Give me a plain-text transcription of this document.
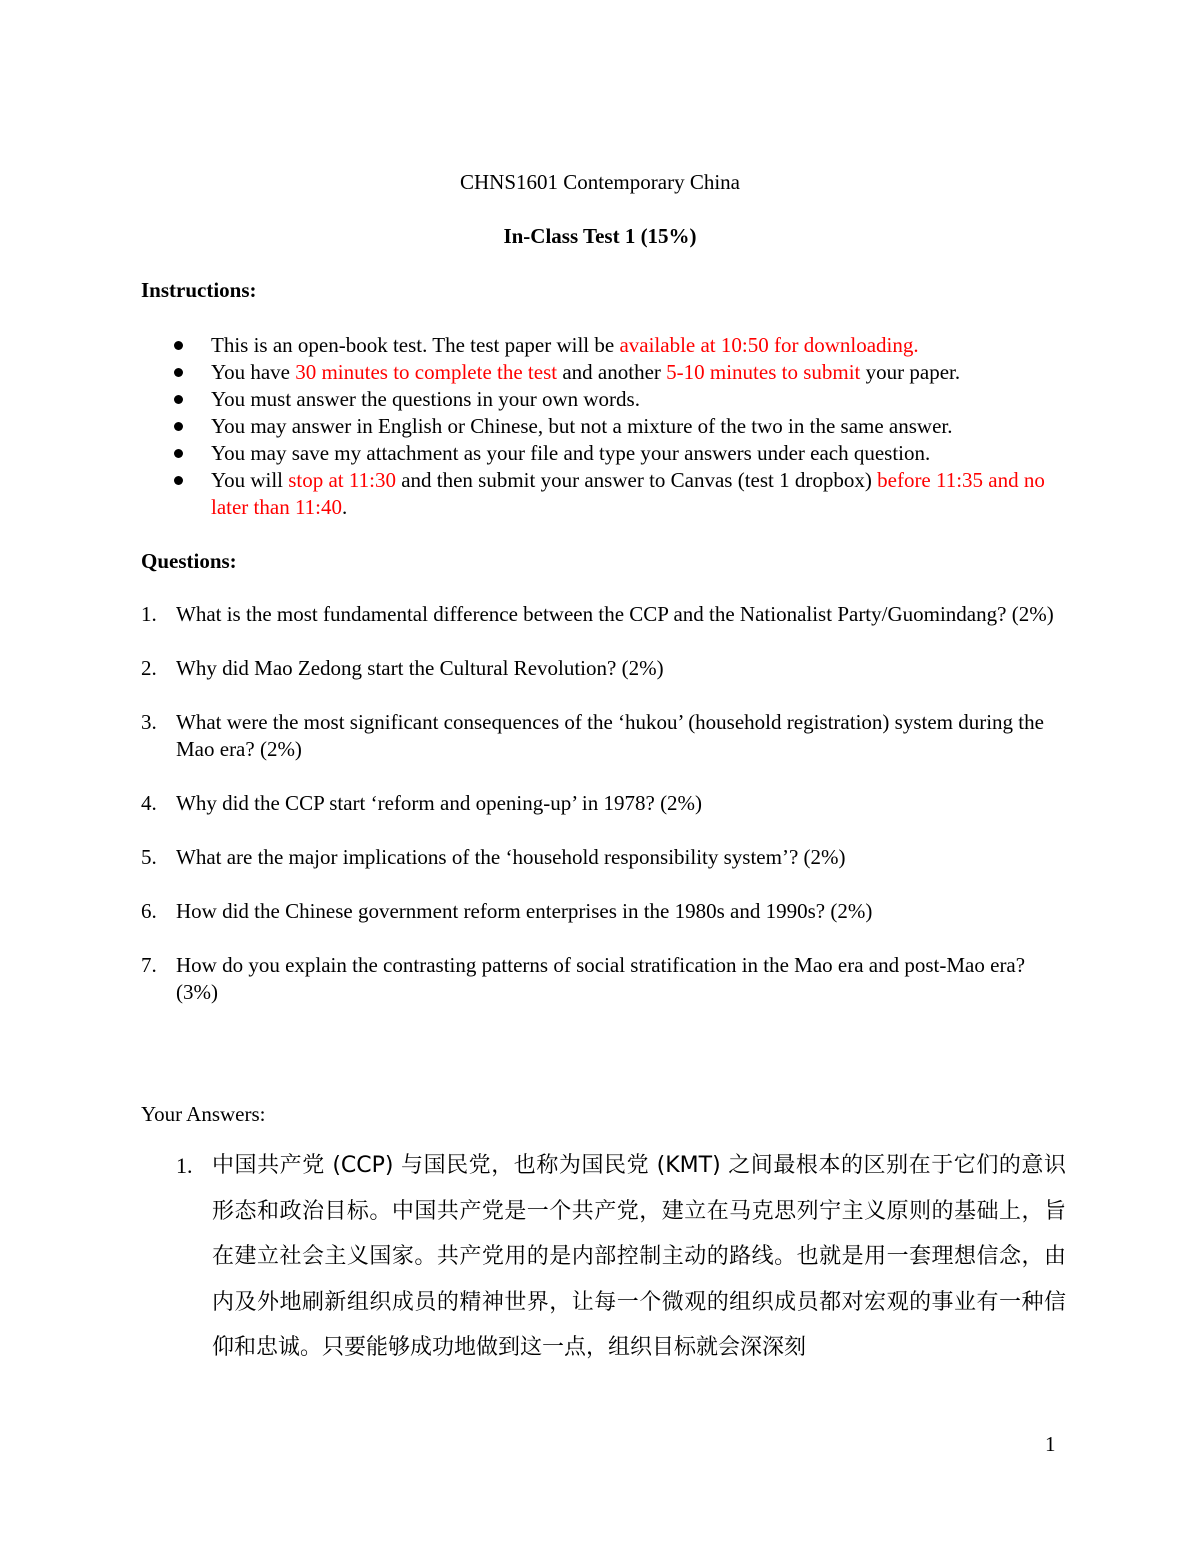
CHNS1601 Contemporary China
In-Class Test 1 (15%)
Instructions:
This is an open-book test. The test paper will be available at 10:50 for downloading.
You have 30 minutes to complete the test and another 5-10 minutes to submit your paper.
You must answer the questions in your own words.
You may answer in English or Chinese, but not a mixture of the two in the same answer.
You may save my attachment as your file and type your answers under each question.
You will stop at 11:30 and then submit your answer to Canvas (test 1 dropbox) before 11:35 and no later than 11:40.
Questions:
1. What is the most fundamental difference between the CCP and the Nationalist Party/Guomindang? (2%)
2. Why did Mao Zedong start the Cultural Revolution? (2%)
3. What were the most significant consequences of the ‘hukou’ (household registration) system during the Mao era? (2%)
4. Why did the CCP start ‘reform and opening-up’ in 1978? (2%)
5. What are the major implications of the ‘household responsibility system’? (2%)
6. How did the Chinese government reform enterprises in the 1980s and 1990s? (2%)
7. How do you explain the contrasting patterns of social stratification in the Mao era and post-Mao era? (3%)
Your Answers:
1. 中国共产党 (CCP) 与国民党，也称为国民党 (KMT) 之间最根本的区别在于它们的意识形态和政治目标。中国共产党是一个共产党，建立在马克思列宁主义原则的基础上，旨在建立社会主义国家。共产党用的是内部控制主动的路线。也就是用一套理想信念，由内及外地刷新组织成员的精神世界，让每一个微观的组织成员都对宏观的事业有一种信仰和忠诚。只要能够成功地做到这一点，组织目标就会深深刻
1
